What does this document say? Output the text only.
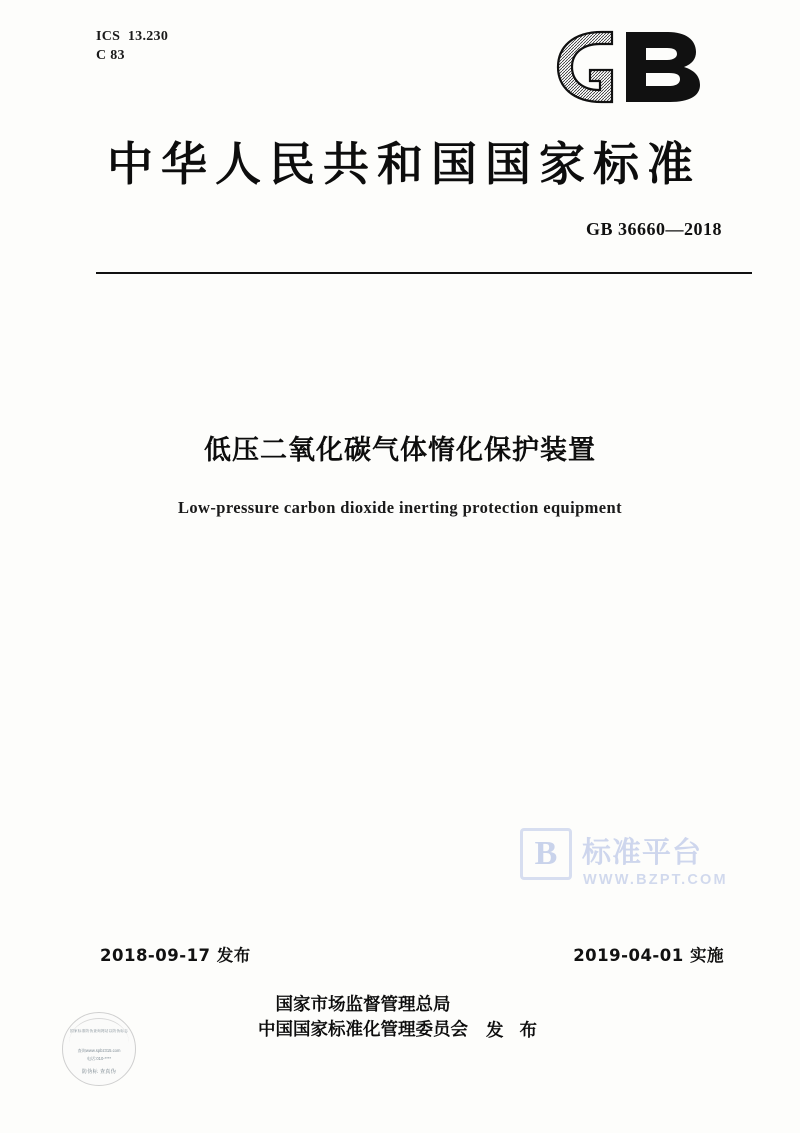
ICS  13.230
C 83
中华人民共和国国家标准
GB 36660—2018
低压二氧化碳气体惰化保护装置
Low-pressure carbon dioxide inerting protection equipment
B 标准平台
WWW.BZPT.COM
2018-09-17 发布	2019-04-01 实施
国家市场监督管理总局
中国国家标准化管理委员会 发 布
国家标准防伪查询网站以防伪标志
查询www.spbz315.com
电话:010-****
防伪标 查真伪
